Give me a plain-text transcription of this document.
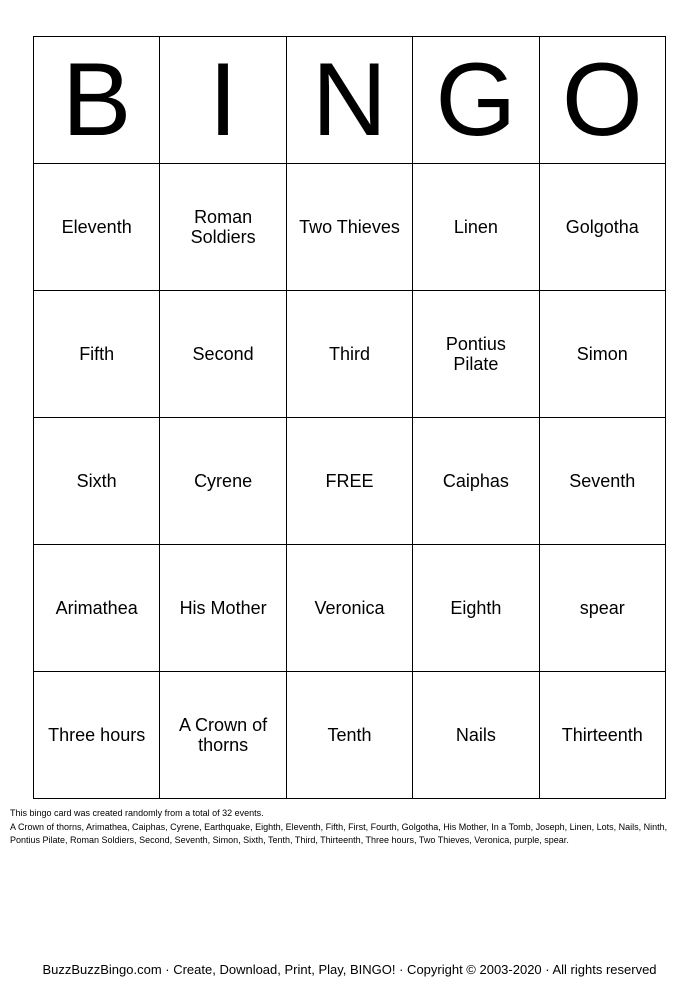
B	I	N	G	O
Eleventh	Roman Soldiers	Two Thieves	Linen	Golgotha
Fifth	Second	Third	Pontius Pilate	Simon
Sixth	Cyrene	FREE	Caiphas	Seventh
Arimathea	His Mother	Veronica	Eighth	spear
Three hours	A Crown of thorns	Tenth	Nails	Thirteenth

This bingo card was created randomly from a total of 32 events.

A Crown of thorns, Arimathea, Caiphas, Cyrene, Earthquake, Eighth, Eleventh, Fifth, First, Fourth, Golgotha, His Mother, In a Tomb, Joseph, Linen, Lots, Nails, Ninth, Pontius Pilate, Roman Soldiers, Second, Seventh, Simon, Sixth, Tenth, Third, Thirteenth, Three hours, Two Thieves, Veronica, purple, spear.

BuzzBuzzBingo.com · Create, Download, Print, Play, BINGO! · Copyright © 2003-2020 · All rights reserved
